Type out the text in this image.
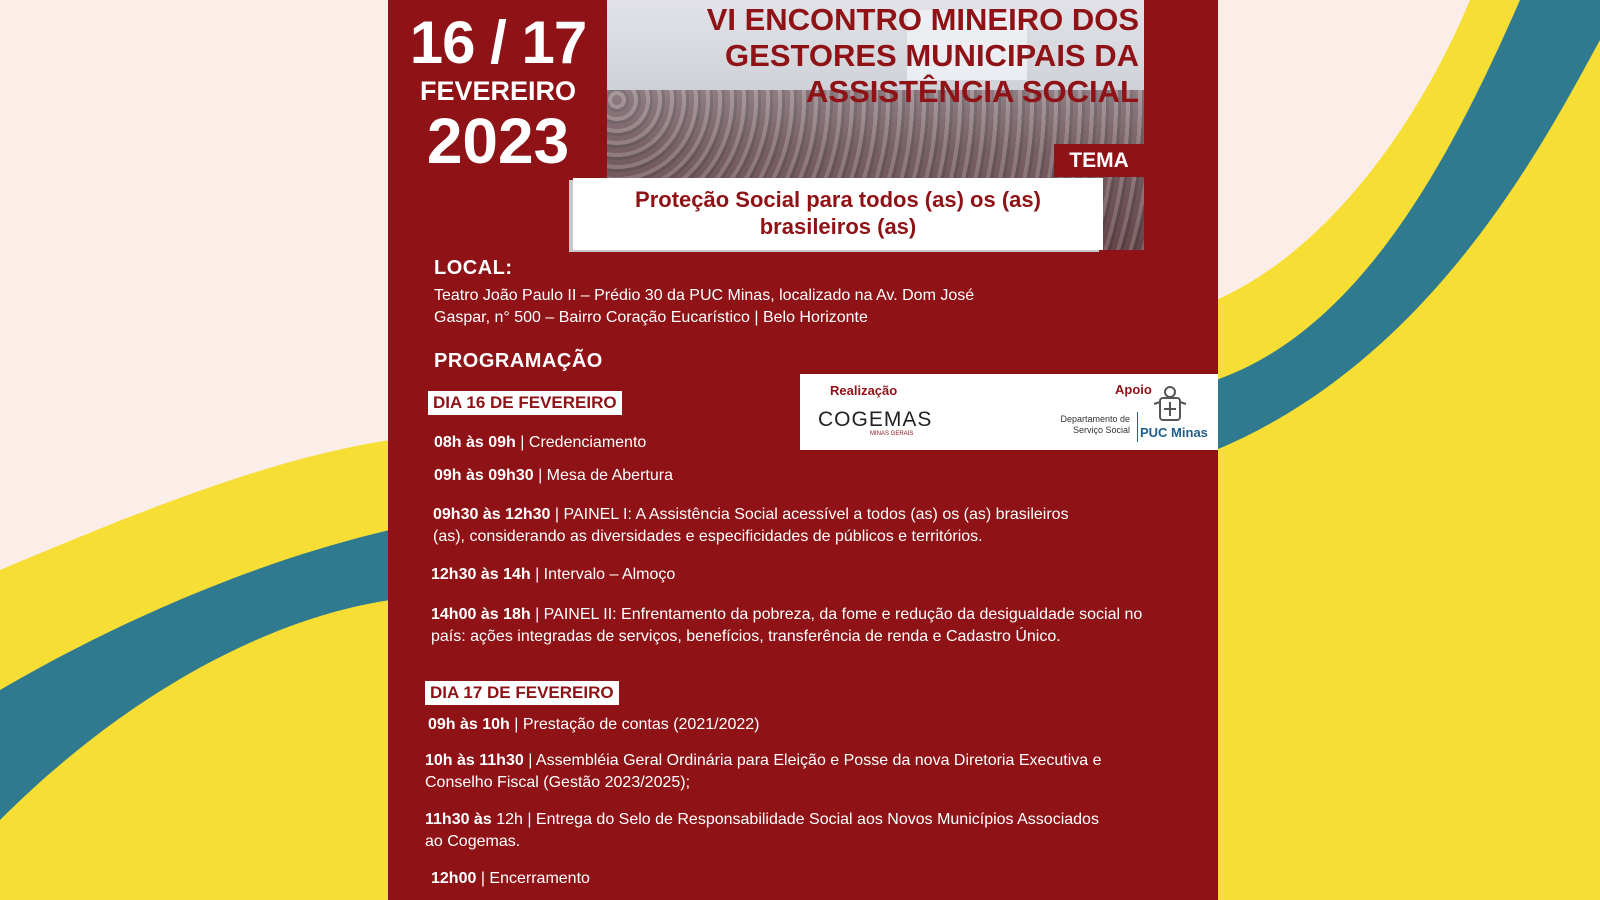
VI ENCONTRO MINEIRO DOS
GESTORES MUNICIPAIS DA
ASSISTÊNCIA SOCIAL
16 / 17
FEVEREIRO
2023	TEMA
Proteção Social para todos (as) os (as)
brasileiros (as)
LOCAL:
Teatro João Paulo II – Prédio 30 da PUC Minas, localizado na Av. Dom José
Gaspar, n° 500 – Bairro Coração Eucarístico | Belo Horizonte
PROGRAMAÇÃO
DIA 16 DE FEVEREIRO
08h às 09h | Credenciamento
09h às 09h30 | Mesa de Abertura
09h30 às 12h30 | PAINEL I: A Assistência Social acessível a todos (as) os (as) brasileiros
(as), considerando as diversidades e especificidades de públicos e territórios.
12h30 às 14h | Intervalo – Almoço
14h00 às 18h | PAINEL II: Enfrentamento da pobreza, da fome e redução da desigualdade social no
país: ações integradas de serviços, benefícios, transferência de renda e Cadastro Único.
DIA 17 DE FEVEREIRO
09h às 10h | Prestação de contas (2021/2022)
10h às 11h30 | Assembléia Geral Ordinária para Eleição e Posse da nova Diretoria Executiva e
Conselho Fiscal (Gestão 2023/2025);
11h30 às 12h | Entrega do Selo de Responsabilidade Social aos Novos Municípios Associados
ao Cogemas.
12h00 | Encerramento
Realização	Apoio
COGEMAS
MINAS GERAIS
Departamento de
Serviço Social PUC Minas
